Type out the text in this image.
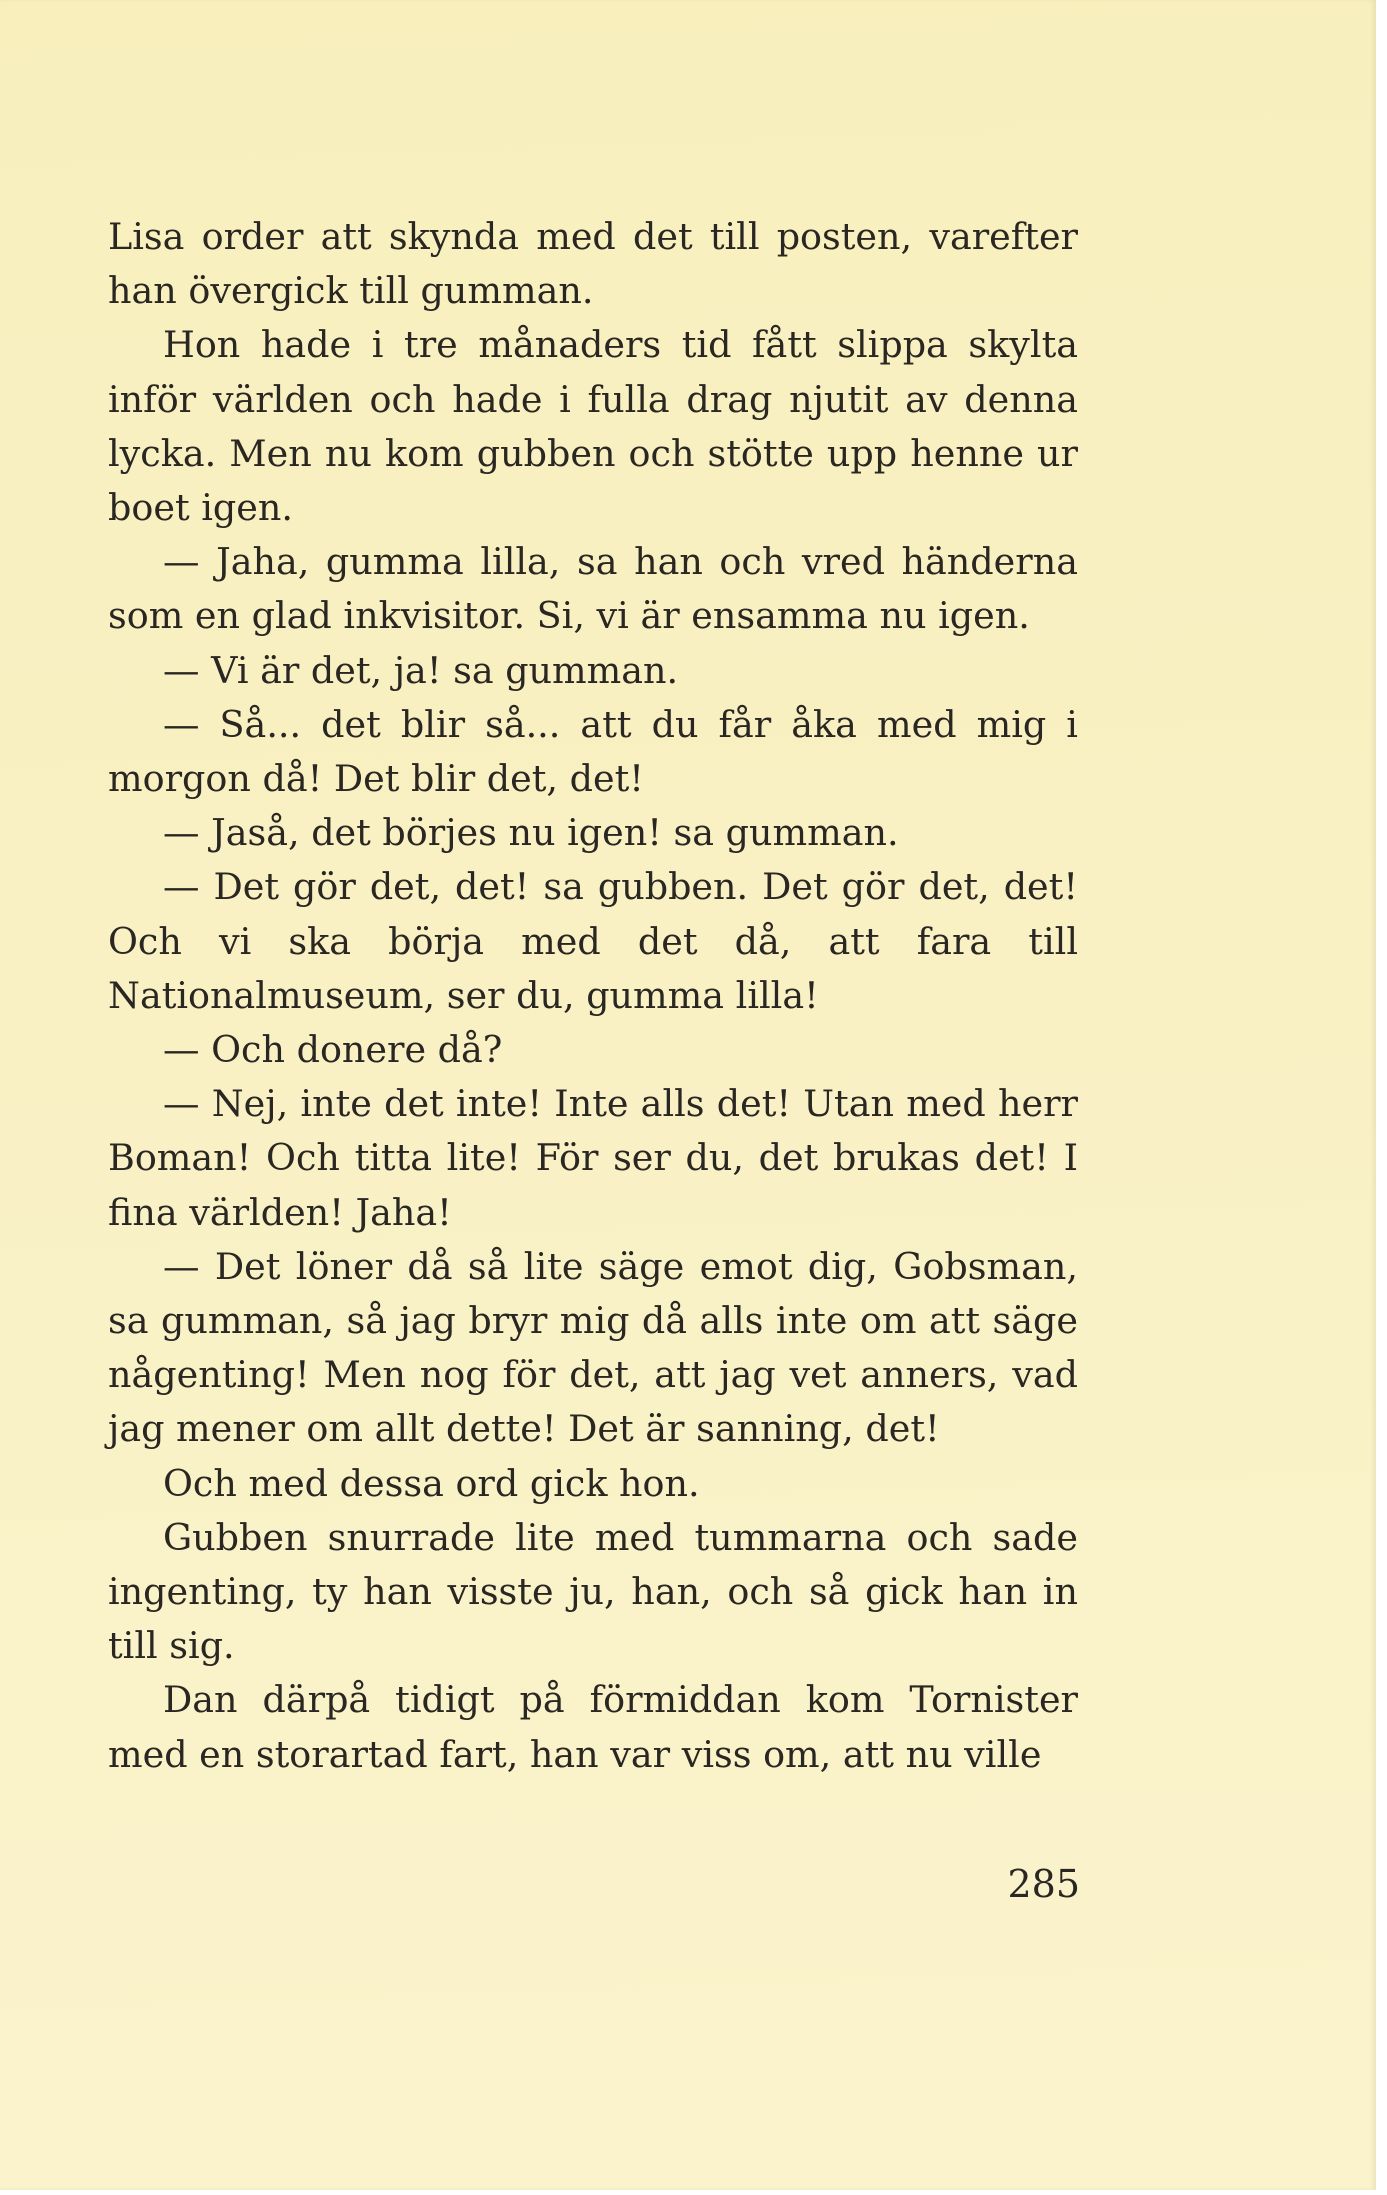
Lisa order att skynda med det till posten, varefter han övergick till gumman.

Hon hade i tre månaders tid fått slippa skylta inför världen och hade i fulla drag njutit av denna lycka. Men nu kom gubben och stötte upp henne ur boet igen.

— Jaha, gumma lilla, sa han och vred händerna som en glad inkvisitor. Si, vi är ensamma nu igen.

— Vi är det, ja! sa gumman.

— Så... det blir så... att du får åka med mig i morgon då! Det blir det, det!

— Jaså, det börjes nu igen! sa gumman.

— Det gör det, det! sa gubben. Det gör det, det! Och vi ska börja med det då, att fara till Nationalmuseum, ser du, gumma lilla!

— Och donere då?

— Nej, inte det inte! Inte alls det! Utan med herr Boman! Och titta lite! För ser du, det brukas det! I fina världen! Jaha!

— Det löner då så lite säge emot dig, Gobsman, sa gumman, så jag bryr mig då alls inte om att säge någenting! Men nog för det, att jag vet anners, vad jag mener om allt dette! Det är sanning, det!

Och med dessa ord gick hon.

Gubben snurrade lite med tummarna och sade ingenting, ty han visste ju, han, och så gick han in till sig.

Dan därpå tidigt på förmiddan kom Tornister med en storartad fart, han var viss om, att nu ville

285
